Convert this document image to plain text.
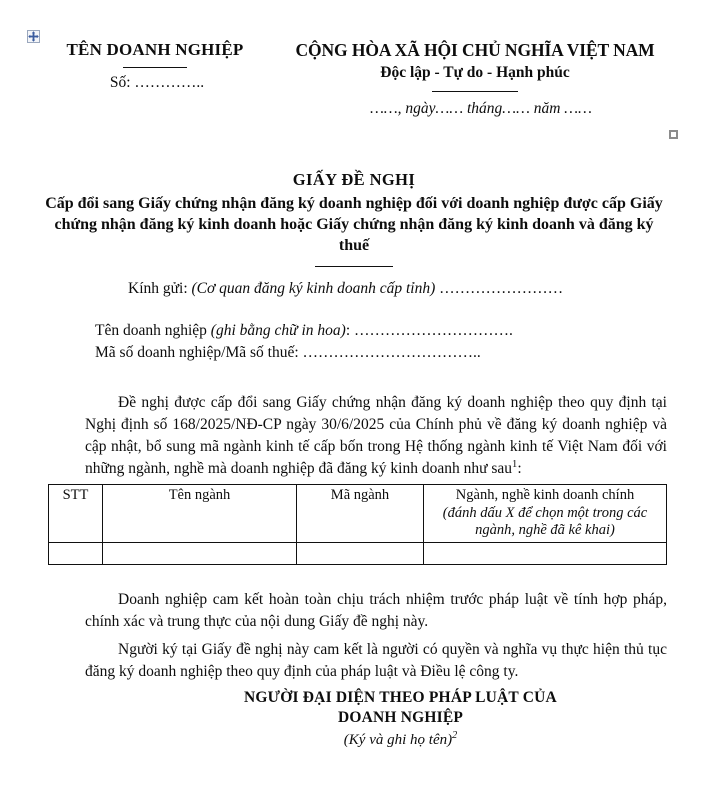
TÊN DOANH NGHIỆP
Số: …………..
CỘNG HÒA XÃ HỘI CHỦ NGHĨA VIỆT NAM
Độc lập - Tự do - Hạnh phúc
……, ngày…… tháng…… năm ……
GIẤY ĐỀ NGHỊ
Cấp đổi sang Giấy chứng nhận đăng ký doanh nghiệp đối với doanh nghiệp được cấp Giấy chứng nhận đăng ký kinh doanh hoặc Giấy chứng nhận đăng ký kinh doanh và đăng ký thuế
Kính gửi: (Cơ quan đăng ký kinh doanh cấp tỉnh) ……………………
Tên doanh nghiệp (ghi bằng chữ in hoa): ………………………….
Mã số doanh nghiệp/Mã số thuế: ……………………………..

Đề nghị được cấp đổi sang Giấy chứng nhận đăng ký doanh nghiệp theo quy định tại Nghị định số 168/2025/NĐ-CP ngày 30/6/2025 của Chính phủ về đăng ký doanh nghiệp và cập nhật, bổ sung mã ngành kinh tế cấp bốn trong Hệ thống ngành kinh tế Việt Nam đối với những ngành, nghề mà doanh nghiệp đã đăng ký kinh doanh như sau$^1$:

STT	Tên ngành	Mã ngành	Ngành, nghề kinh doanh chính
(đánh dấu X để chọn một trong các ngành, nghề đã kê khai)

Doanh nghiệp cam kết hoàn toàn chịu trách nhiệm trước pháp luật về tính hợp pháp, chính xác và trung thực của nội dung Giấy đề nghị này.

Người ký tại Giấy đề nghị này cam kết là người có quyền và nghĩa vụ thực hiện thủ tục đăng ký doanh nghiệp theo quy định của pháp luật và Điều lệ công ty.

NGƯỜI ĐẠI DIỆN THEO PHÁP LUẬT CỦA
DOANH NGHIỆP
(Ký và ghi họ tên)$^2$
